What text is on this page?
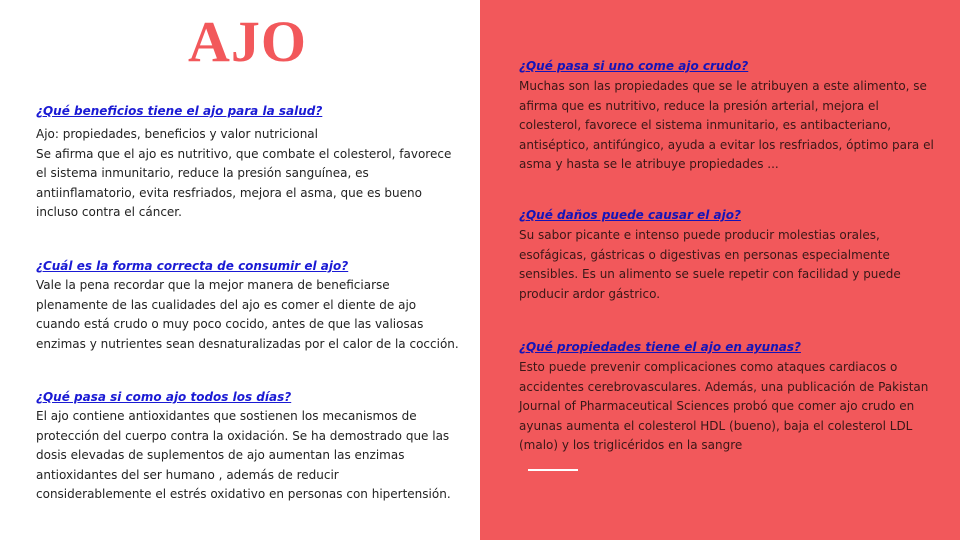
AJO
¿Qué beneficios tiene el ajo para la salud?
Ajo: propiedades, beneficios y valor nutricional
Se afirma que el ajo es nutritivo, que combate el colesterol, favorece
el sistema inmunitario, reduce la presión sanguínea, es
antiinflamatorio, evita resfriados, mejora el asma, que es bueno
incluso contra el cáncer.
¿Cuál es la forma correcta de consumir el ajo?
Vale la pena recordar que la mejor manera de beneficiarse
plenamente de las cualidades del ajo es comer el diente de ajo
cuando está crudo o muy poco cocido, antes de que las valiosas
enzimas y nutrientes sean desnaturalizadas por el calor de la cocción.
¿Qué pasa si como ajo todos los días?
El ajo contiene antioxidantes que sostienen los mecanismos de
protección del cuerpo contra la oxidación. Se ha demostrado que las
dosis elevadas de suplementos de ajo aumentan las enzimas
antioxidantes del ser humano , además de reducir
considerablemente el estrés oxidativo en personas con hipertensión.
¿Qué pasa si uno come ajo crudo?
Muchas son las propiedades que se le atribuyen a este alimento, se
afirma que es nutritivo, reduce la presión arterial, mejora el
colesterol, favorece el sistema inmunitario, es antibacteriano,
antiséptico, antifúngico, ayuda a evitar los resfriados, óptimo para el
asma y hasta se le atribuye propiedades ...
¿Qué daños puede causar el ajo?
Su sabor picante e intenso puede producir molestias orales,
esofágicas, gástricas o digestivas en personas especialmente
sensibles. Es un alimento se suele repetir con facilidad y puede
producir ardor gástrico.
¿Qué propiedades tiene el ajo en ayunas?
Esto puede prevenir complicaciones como ataques cardiacos o
accidentes cerebrovasculares. Además, una publicación de Pakistan
Journal of Pharmaceutical Sciences probó que comer ajo crudo en
ayunas aumenta el colesterol HDL (bueno), baja el colesterol LDL
(malo) y los triglicéridos en la sangre
